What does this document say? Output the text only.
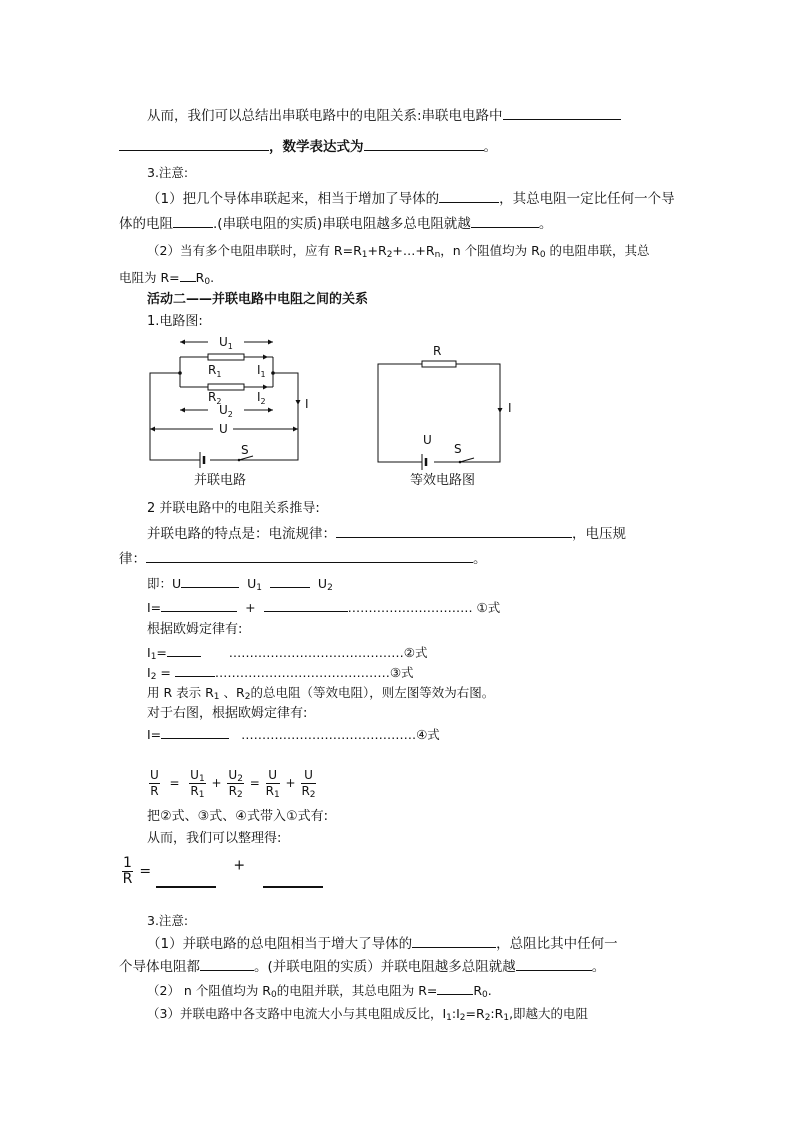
从而，我们可以总结出串联电路中的电阻关系:串联电电路中
，数学表达式为	。
3.注意:
（1）把几个导体串联起来，相当于增加了导体的	，其总电阻一定比任何一个导
体的电阻	.(串联电阻的实质)串联电阻越多总电阻就越	。
（2）当有多个电阻串联时，应有 $R=R_1+R_2+\dots+R_n$，n 个阻值均为 $R_0$ 的电阻串联，其总
电阻为 $R= R_0$.
活动二——并联电路中电阻之间的关系
1.电路图:
$U_1$
$R_1$	$I_1$
$R_2$	$I_2$
$U_2$
I
U
S
并联电路
R
I
U
S
等效电路图
2 并联电路中的电阻关系推导:
并联电路的特点是：电流规律：	，电压规
律：	。
即：U	$U_1$	$U_2$
I=	+	………………………… ①式
根据欧姆定律有:
$I_1=$	……………………………………②式
$I_2$ =	……………………………………③式
用 R 表示 $R_1$ 、$R_2$的总电阻（等效电阻），则左图等效为右图。
对于右图，根据欧姆定律有:
I=	……………………………………④式
$\frac{U}{R} = \frac{U_1}{R_1} + \frac{U_2}{R_2} = \frac{U}{R_1} + \frac{U}{R_2}$
把②式、③式、④式带入①式有:
从而，我们可以整理得:
$\frac{1}{R}$ =	+
3.注意:
（1）并联电路的总电阻相当于增大了导体的	，总阻比其中任何一
个导体电阻都	。(并联电阻的实质）并联电阻越多总阻就越	。
（2） n 个阻值均为 $R_0$的电阻并联，其总电阻为 R=	$R_0$.
（3）并联电路中各支路中电流大小与其电阻成反比，$I_1:I_2=R_2:R_1$,即越大的电阻
